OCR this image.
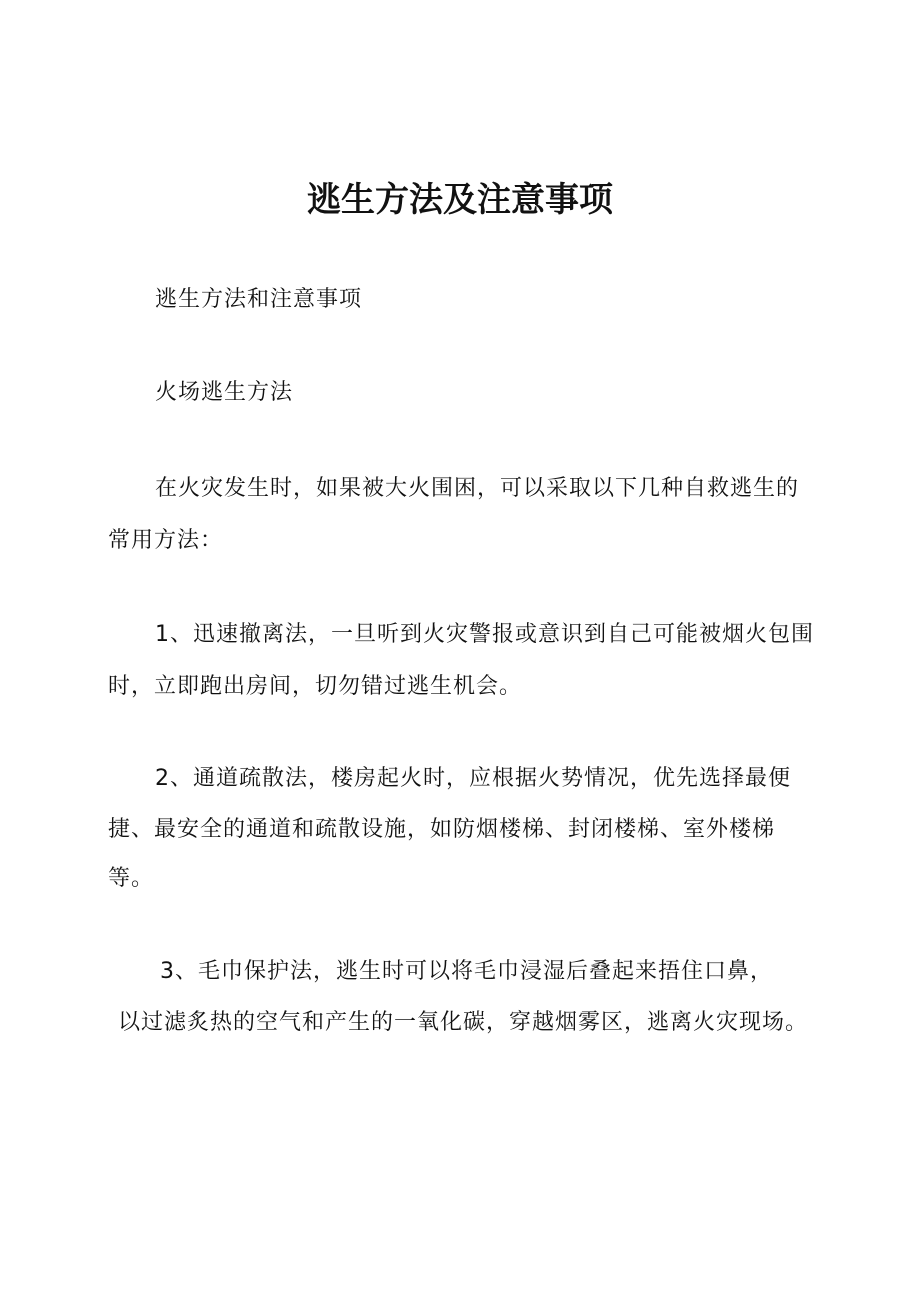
逃生方法及注意事项
逃生方法和注意事项
火场逃生方法
在火灾发生时，如果被大火围困，可以采取以下几种自救逃生的
常用方法：
1、迅速撤离法，一旦听到火灾警报或意识到自己可能被烟火包围
时，立即跑出房间，切勿错过逃生机会。
2、通道疏散法，楼房起火时，应根据火势情况，优先选择最便
捷、最安全的通道和疏散设施，如防烟楼梯、封闭楼梯、室外楼梯
等。
3、毛巾保护法，逃生时可以将毛巾浸湿后叠起来捂住口鼻，
以过滤炙热的空气和产生的一氧化碳，穿越烟雾区，逃离火灾现场。
